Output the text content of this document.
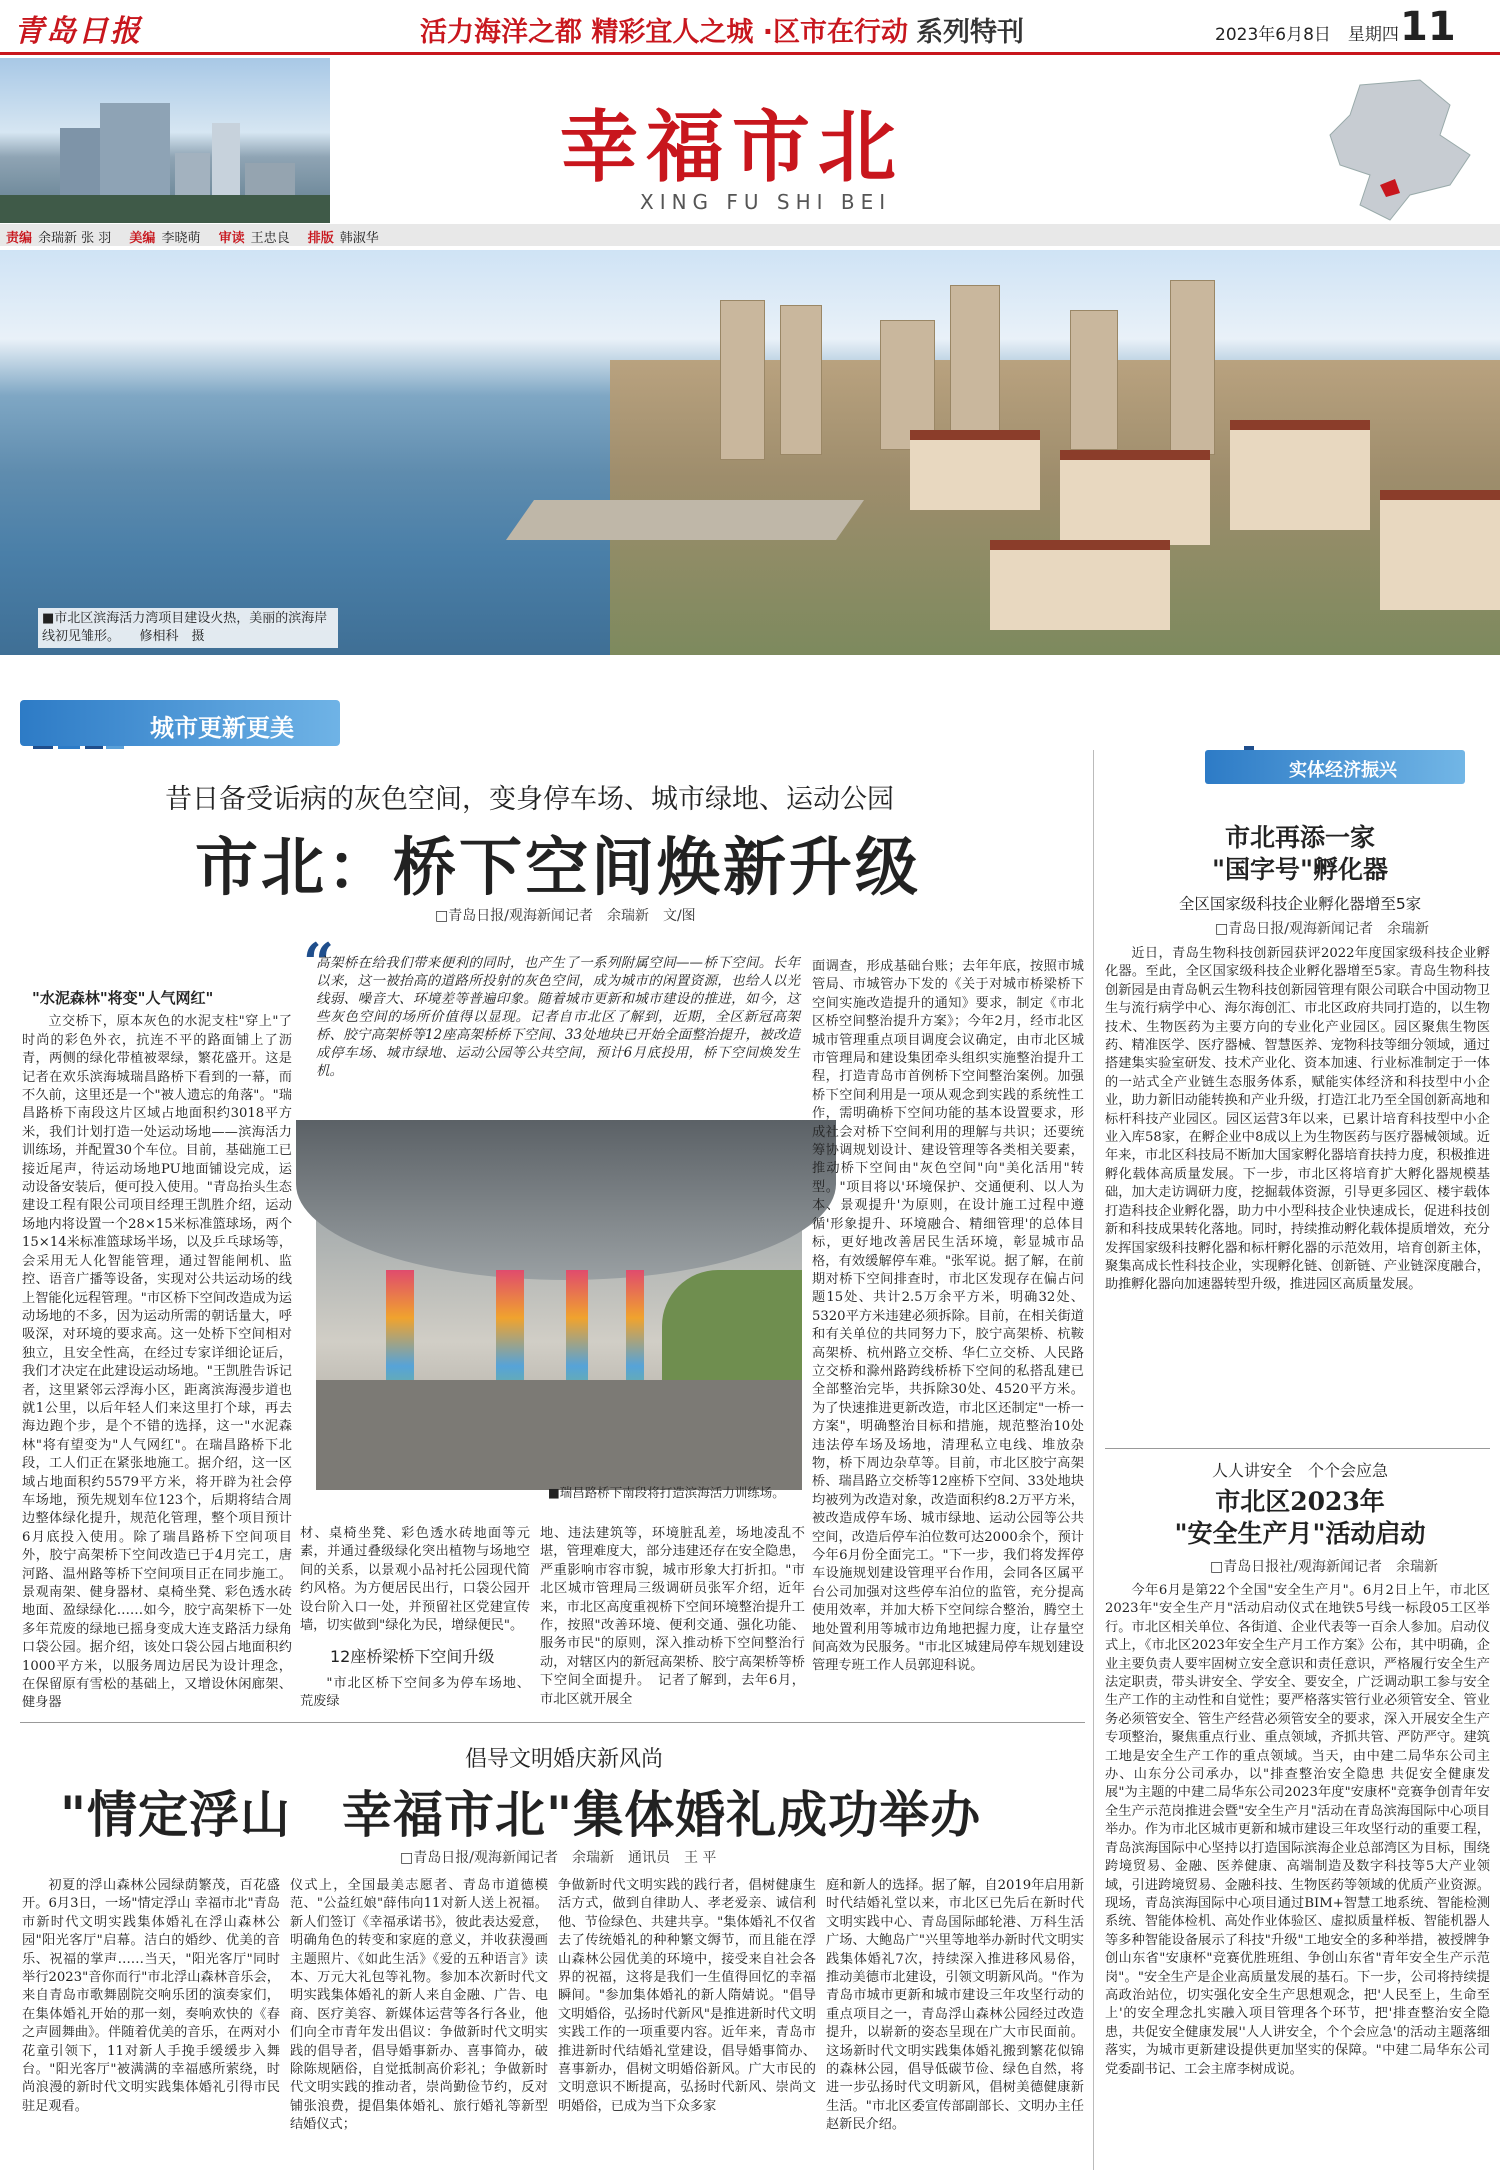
青岛日报	活力海洋之都 精彩宜人之城 ·区市在行动 系列特刊	2023年6月8日　星期四 11
幸福市北
XING FU SHI BEI
责编 余瑞新 张 羽 美编 李晓萌 审读 王忠良 排版 韩淑华
■市北区滨海活力湾项目建设火热，美丽的滨海岸线初见雏形。　　修相科　摄
城市更新更美
昔日备受诟病的灰色空间，变身停车场、城市绿地、运动公园
市北：桥下空间焕新升级
□青岛日报/观海新闻记者　余瑞新　文/图
“
高架桥在给我们带来便利的同时，也产生了一系列附属空间——桥下空间。长年以来，这一被抬高的道路所投射的灰色空间，成为城市的闲置资源，也给人以光线弱、噪音大、环境差等普遍印象。随着城市更新和城市建设的推进，如今，这些灰色空间的场所价值得以显现。记者自市北区了解到，近期，全区新冠高架桥、胶宁高架桥等12座高架桥桥下空间、33处地块已开始全面整治提升，被改造成停车场、城市绿地、运动公园等公共空间，预计6月底投用，桥下空间焕发生机。

"水泥森林"将变"人气网红"

立交桥下，原本灰色的水泥支柱"穿上"了时尚的彩色外衣，抗连不平的路面铺上了沥青，两侧的绿化带植被翠绿，繁花盛开。这是记者在欢乐滨海城瑞昌路桥下看到的一幕，而不久前，这里还是一个"被人遗忘的角落"。"瑞昌路桥下南段这片区域占地面积约3018平方米，我们计划打造一处运动场地——滨海活力训练场，并配置30个车位。目前，基础施工已接近尾声，待运动场地PU地面铺设完成，运动设备安装后，便可投入使用。"青岛抬头生态建设工程有限公司项目经理王凯胜介绍，运动场地内将设置一个28×15米标准篮球场，两个15×14米标准篮球场半场，以及乒乓球场等，会采用无人化智能管理，通过智能闸机、监控、语音广播等设备，实现对公共运动场的线上智能化远程管理。"市区桥下空间改造成为运动场地的不多，因为运动所需的朝话量大，呼吸深，对环境的要求高。这一处桥下空间相对独立，且安全性高，在经过专家详细论证后，我们才决定在此建设运动场地。"王凯胜告诉记者，这里紧邻云浮海小区，距离滨海漫步道也就1公里，以后年轻人们来这里打个球，再去海边跑个步，是个不错的选择，这一"水泥森林"将有望变为"人气网红"。在瑞昌路桥下北段，工人们正在紧张地施工。据介绍，这一区域占地面积约5579平方米，将开辟为社会停车场地，预先规划车位123个，后期将结合周边整体绿化提升，规范化管理，整个项目预计6月底投入使用。除了瑞昌路桥下空间项目外，胶宁高架桥下空间改造已于4月完工，唐河路、温州路等桥下空间项目正在同步施工。景观南架、健身器材、桌椅坐凳、彩色透水砖地面、盈绿绿化……如今，胶宁高架桥下一处多年荒废的绿地已摇身变成大连支路活力绿角口袋公园。据介绍，该处口袋公园占地面积约1000平方米，以服务周边居民为设计理念，在保留原有雪松的基础上，又增设休闲廊架、健身器

■瑞昌路桥下南段将打造滨海活力训练场。

材、桌椅坐凳、彩色透水砖地面等元素，并通过叠级绿化突出植物与场地空间的关系，以景观小品衬托公园现代简约风格。为方便居民出行，口袋公园开设台阶入口一处，并预留社区党建宣传墙，切实做到"绿化为民，增绿便民"。

12座桥梁桥下空间升级

"市北区桥下空间多为停车场地、荒废绿

地、违法建筑等，环境脏乱差，场地凌乱不堪，管理难度大，部分违建还存在安全隐患，严重影响市容市貌，城市形象大打折扣。"市北区城市管理局三级调研员张军介绍，近年来，市北区高度重视桥下空间环境整治提升工作，按照"改善环境、便利交通、强化功能、服务市民"的原则，深入推动桥下空间整治行动，对辖区内的新冠高架桥、胶宁高架桥等桥下空间全面提升。　记者了解到，去年6月，市北区就开展全

面调查，形成基础台账；去年年底，按照市城管局、市城管办下发的《关于对城市桥梁桥下空间实施改造提升的通知》要求，制定《市北区桥空间整治提升方案》；今年2月，经市北区城市管理重点项目调度会议确定，由市北区城市管理局和建设集团牵头组织实施整治提升工程，打造青岛市首例桥下空间整治案例。加强桥下空间利用是一项从观念到实践的系统性工作，需明确桥下空间功能的基本设置要求，形成社会对桥下空间利用的理解与共识；还要统筹协调规划设计、建设管理等各类相关要素，推动桥下空间由"灰色空间"向"美化活用"转型。"项目将以'环境保护、交通便利、以人为本、景观提升'为原则，在设计施工过程中遵循'形象提升、环境融合、精细管理'的总体目标，更好地改善居民生活环境，彰显城市品格，有效缓解停车难。"张军说。据了解，在前期对桥下空间排查时，市北区发现存在偏占问题15处、共计2.5万余平方米，明确32处、5320平方米违建必须拆除。目前，在相关街道和有关单位的共同努力下，胶宁高架桥、杭鞍高架桥、杭州路立交桥、华仁立交桥、人民路立交桥和滁州路跨线桥桥下空间的私搭乱建已全部整治完毕，共拆除30处、4520平方米。为了快速推进更新改造，市北区还制定"一桥一方案"，明确整治目标和措施，规范整治10处违法停车场及场地，清理私立电线、堆放杂物，桥下周边杂草等。目前，市北区胶宁高架桥、瑞昌路立交桥等12座桥下空间、33处地块均被列为改造对象，改造面积约8.2万平方米，被改造成停车场、城市绿地、运动公园等公共空间，改造后停车泊位数可达2000余个，预计今年6月份全面完工。"下一步，我们将发挥停车设施规划建设管理平台作用，会同各区属平台公司加强对这些停车泊位的监管，充分提高使用效率，并加大桥下空间综合整治，腾空土地处置利用等城市边角地把握力度，让存量空间高效为民服务。"市北区城建局停车规划建设管理专班工作人员郭迎科说。

实体经济振兴
市北再添一家
"国字号"孵化器
全区国家级科技企业孵化器增至5家
□青岛日报/观海新闻记者　余瑞新

近日，青岛生物科技创新园获评2022年度国家级科技企业孵化器。至此，全区国家级科技企业孵化器增至5家。青岛生物科技创新园是由青岛帆云生物科技创新园管理有限公司联合中国动物卫生与流行病学中心、海尔海创汇、市北区政府共同打造的，以生物技术、生物医药为主要方向的专业化产业园区。园区聚焦生物医药、精准医学、医疗器械、智慧医养、宠物科技等细分领域，通过搭建集实验室研发、技术产业化、资本加速、行业标准制定于一体的一站式全产业链生态服务体系，赋能实体经济和科技型中小企业，助力新旧动能转换和产业升级，打造江北乃至全国创新高地和标杆科技产业园区。园区运营3年以来，已累计培育科技型中小企业入库58家，在孵企业中8成以上为生物医药与医疗器械领域。近年来，市北区科技局不断加大国家孵化器培育扶持力度，积极推进孵化载体高质量发展。下一步，市北区将培育扩大孵化器规模基础，加大走访调研力度，挖掘载体资源，引导更多园区、楼宇载体打造科技企业孵化器，助力中小型科技企业快速成长，促进科技创新和科技成果转化落地。同时，持续推动孵化载体提质增效，充分发挥国家级科技孵化器和标杆孵化器的示范效用，培育创新主体，聚集高成长性科技企业，实现孵化链、创新链、产业链深度融合，助推孵化器向加速器转型升级，推进园区高质量发展。

人人讲安全　个个会应急
市北区2023年
"安全生产月"活动启动
□青岛日报社/观海新闻记者　余瑞新

今年6月是第22个全国"安全生产月"。6月2日上午，市北区2023年"安全生产月"活动启动仪式在地铁5号线一标段05工区举行。市北区相关单位、各街道、企业代表等一百余人参加。启动仪式上，《市北区2023年安全生产月工作方案》公布，其中明确，企业主要负责人要牢固树立安全意识和责任意识，严格履行安全生产法定职责，带头讲安全、学安全、要安全，广泛调动职工参与安全生产工作的主动性和自觉性；要严格落实管行业必须管安全、管业务必须管安全、管生产经营必须管安全的要求，深入开展安全生产专项整治，聚焦重点行业、重点领域，齐抓共管、严防严守。建筑工地是安全生产工作的重点领域。当天，由中建二局华东公司主办、山东分公司承办，以"排查整治安全隐患 共促安全健康发展"为主题的中建二局华东公司2023年度"安康杯"竞赛争创青年安全生产示范岗推进会暨"安全生产月"活动在青岛滨海国际中心项目举办。作为市北区城市更新和城市建设三年攻坚行动的重要工程，青岛滨海国际中心坚持以打造国际滨海企业总部湾区为目标，围绕跨境贸易、金融、医养健康、高端制造及数字科技等5大产业领域，引进跨境贸易、金融科技、生物医药等领域的优质产业资源。现场，青岛滨海国际中心项目通过BIM+智慧工地系统、智能检测系统、智能体检机、高处作业体验区、虚拟质量样板、智能机器人等多种智能设备展示了科技"升级"工地安全的多种举措，被授牌争创山东省"安康杯"竞赛优胜班组、争创山东省"青年安全生产示范岗"。"安全生产是企业高质量发展的基石。下一步，公司将持续提高政治站位，切实强化安全生产思想观念，把'人民至上，生命至上'的安全理念扎实融入项目管理各个环节，把'排查整治安全隐患，共促安全健康发展''人人讲安全，个个会应急'的活动主题落细落实，为城市更新建设提供更加坚实的保障。"中建二局华东公司党委副书记、工会主席李树成说。

倡导文明婚庆新风尚
"情定浮山　幸福市北"集体婚礼成功举办
□青岛日报/观海新闻记者　余瑞新　通讯员　王 平

初夏的浮山森林公园绿荫繁茂，百花盛开。6月3日，一场"情定浮山 幸福市北"青岛市新时代文明实践集体婚礼在浮山森林公园"阳光客厅"启幕。洁白的婚纱、优美的音乐、祝福的掌声……当天，"阳光客厅"同时举行2023"音你而行"市北浮山森林音乐会，来自青岛市歌舞剧院交响乐团的演奏家们，在集体婚礼开始的那一刻，奏响欢快的《春之声圆舞曲》。伴随着优美的音乐，在两对小花童引领下，11对新人手挽手缓缓步入舞台。"阳光客厅"被满满的幸福感所萦绕，时尚浪漫的新时代文明实践集体婚礼引得市民驻足观看。

仪式上，全国最美志愿者、青岛市道德模范、"公益红娘"薛伟向11对新人送上祝福。新人们签订《幸福承诺书》，彼此表达爱意，明确角色的转变和家庭的意义，并收获漫画主题照片、《如此生活》《爱的五种语言》读本、万元大礼包等礼物。参加本次新时代文明实践集体婚礼的新人来自金融、广告、电商、医疗美容、新媒体运营等各行各业，他们向全市青年发出倡议：争做新时代文明实践的倡导者，倡导婚事新办、喜事简办，破除陈规陋俗，自觉抵制高价彩礼；争做新时代文明实践的推动者，崇尚勤俭节约，反对铺张浪费，提倡集体婚礼、旅行婚礼等新型结婚仪式；

争做新时代文明实践的践行者，倡树健康生活方式，做到自律助人、孝老爱亲、诚信利他、节俭绿色、共建共享。"集体婚礼不仅省去了传统婚礼的种种繁文缛节，而且能在浮山森林公园优美的环境中，接受来自社会各界的祝福，这将是我们一生值得回忆的幸福瞬间。"参加集体婚礼的新人隋婧说。"倡导文明婚俗，弘扬时代新风"是推进新时代文明实践工作的一项重要内容。近年来，青岛市推进新时代结婚礼堂建设，倡导婚事简办、喜事新办，倡树文明婚俗新风。广大市民的文明意识不断提高，弘扬时代新风、崇尚文明婚俗，已成为当下众多家

庭和新人的选择。据了解，自2019年启用新时代结婚礼堂以来，市北区已先后在新时代文明实践中心、青岛国际邮轮港、万科生活广场、大鲍岛广"兴里等地举办新时代文明实践集体婚礼7次，持续深入推进移风易俗，推动美德市北建设，引领文明新风尚。"作为青岛市城市更新和城市建设三年攻坚行动的重点项目之一，青岛浮山森林公园经过改造提升，以崭新的姿态呈现在广大市民面前。这场新时代文明实践集体婚礼搬到繁花似锦的森林公园，倡导低碳节俭、绿色自然，将进一步弘扬时代文明新风，倡树美德健康新生活。"市北区委宣传部副部长、文明办主任赵新民介绍。
